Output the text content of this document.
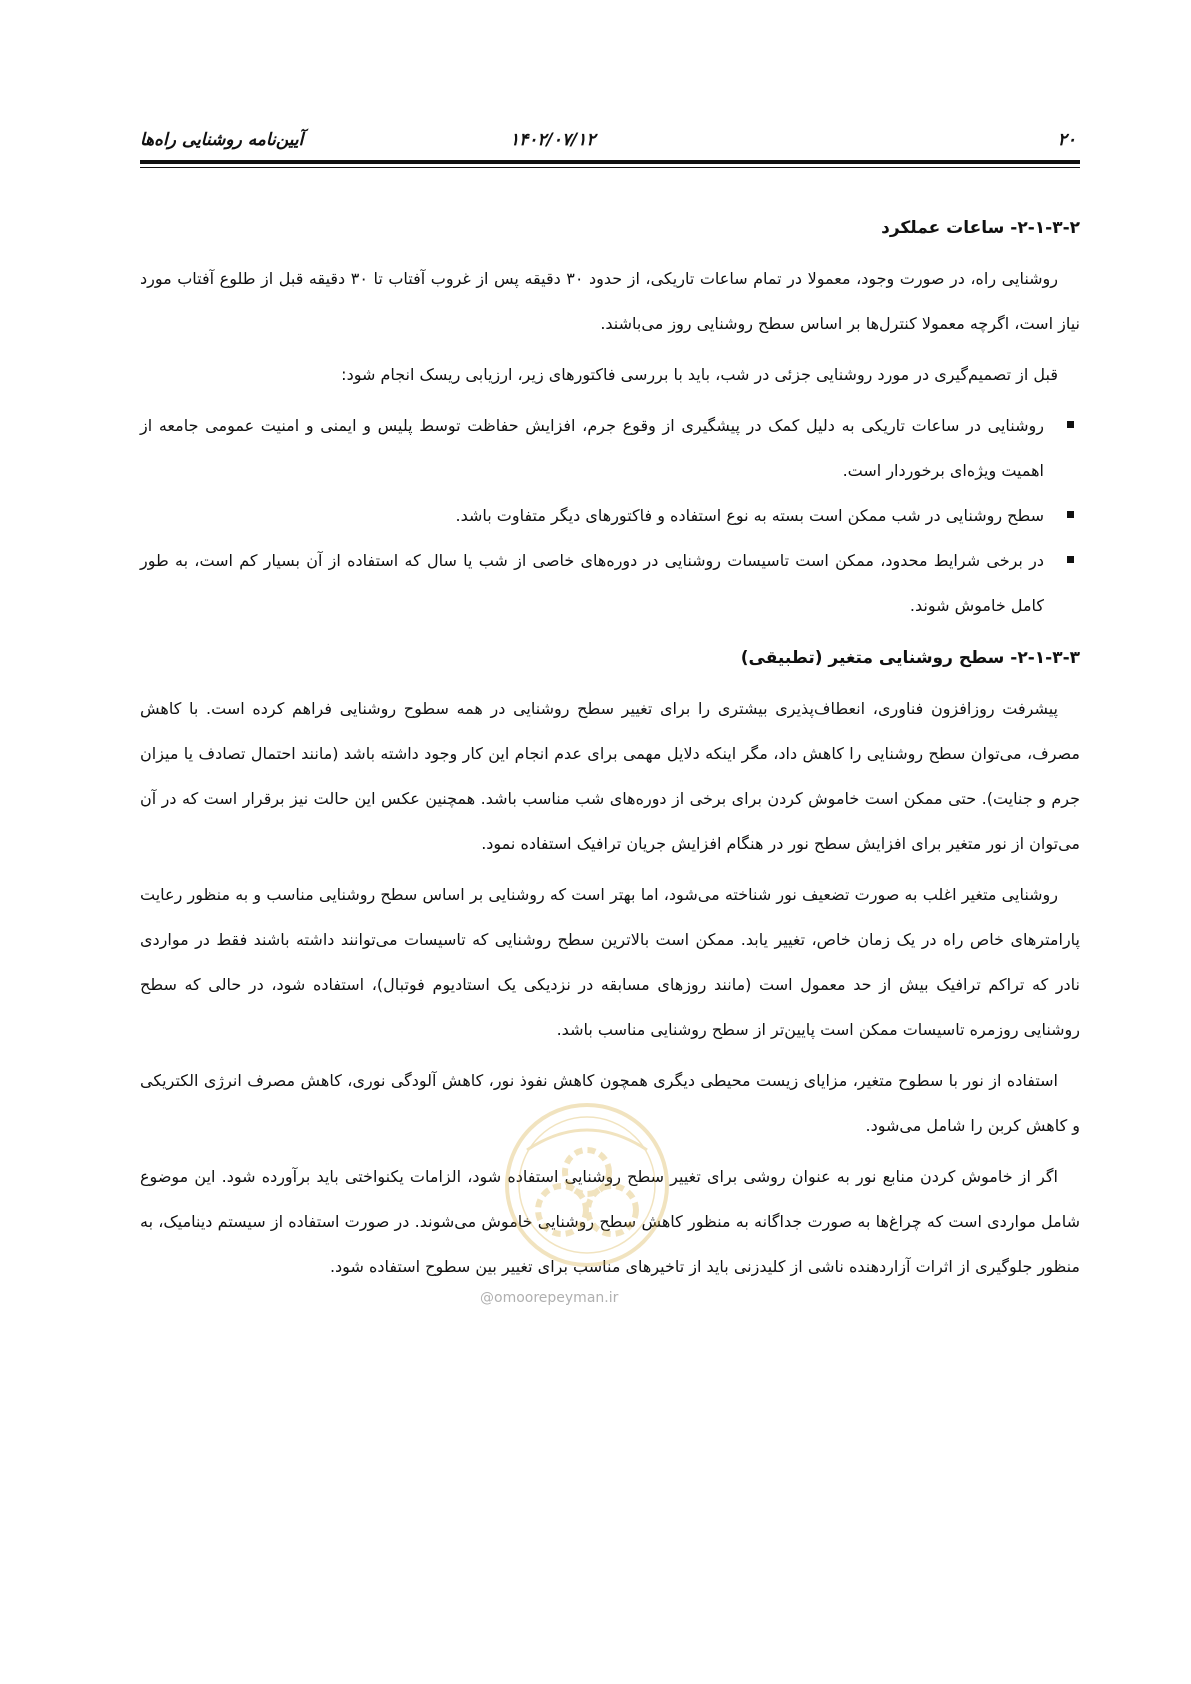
۲۰
۱۴۰۲/۰۷/۱۲
آیین‌نامه روشنایی راه‌ها
۲-۱-۳-۲- ساعات عملکرد

روشنایی راه، در صورت وجود، معمولا در تمام ساعات تاریکی، از حدود ۳۰ دقیقه پس از غروب آفتاب تا ۳۰ دقیقه قبل از طلوع آفتاب مورد نیاز است، اگرچه معمولا کنترل‌ها بر اساس سطح روشنایی روز می‌باشند.

قبل از تصمیم‌گیری در مورد روشنایی جزئی در شب، باید با بررسی فاکتورهای زیر، ارزیابی ریسک انجام شود:

روشنایی در ساعات تاریکی به دلیل کمک در پیشگیری از وقوع جرم، افزایش حفاظت توسط پلیس و ایمنی و امنیت عمومی جامعه از اهمیت ویژه‌ای برخوردار است.
سطح روشنایی در شب ممکن است بسته به نوع استفاده و فاکتورهای دیگر متفاوت باشد.
در برخی شرایط محدود، ممکن است تاسیسات روشنایی در دوره‌های خاصی از شب یا سال که استفاده از آن بسیار کم است، به طور کامل خاموش شوند.
۲-۱-۳-۳- سطح روشنایی متغیر (تطبیقی)

پیشرفت روزافزون فناوری، انعطاف‌پذیری بیشتری را برای تغییر سطح روشنایی در همه سطوح روشنایی فراهم کرده است. با کاهش مصرف، می‌توان سطح روشنایی را کاهش داد، مگر اینکه دلایل مهمی برای عدم انجام این کار وجود داشته باشد (مانند احتمال تصادف یا میزان جرم و جنایت). حتی ممکن است خاموش کردن برای برخی از دوره‌های شب مناسب باشد. همچنین عکس این حالت نیز برقرار است که در آن می‌توان از نور متغیر برای افزایش سطح نور در هنگام افزایش جریان ترافیک استفاده نمود.

روشنایی متغیر اغلب به صورت تضعیف نور شناخته می‌شود، اما بهتر است که روشنایی بر اساس سطح روشنایی مناسب و به منظور رعایت پارامترهای خاص راه در یک زمان خاص، تغییر یابد. ممکن است بالاترین سطح روشنایی که تاسیسات می‌توانند داشته باشند فقط در مواردی نادر که تراکم ترافیک بیش از حد معمول است (مانند روزهای مسابقه در نزدیکی یک استادیوم فوتبال)، استفاده شود، در حالی که سطح روشنایی روزمره تاسیسات ممکن است پایین‌تر از سطح روشنایی مناسب باشد.

استفاده از نور با سطوح متغیر، مزایای زیست محیطی دیگری همچون کاهش نفوذ نور، کاهش آلودگی نوری، کاهش مصرف انرژی الکتریکی و کاهش کربن را شامل می‌شود.

اگر از خاموش کردن منابع نور به عنوان روشی برای تغییر سطح روشنایی استفاده شود، الزامات یکنواختی باید برآورده شود. این موضوع شامل مواردی است که چراغ‌ها به صورت جداگانه به منظور کاهش سطح روشنایی خاموش می‌شوند. در صورت استفاده از سیستم دینامیک، به منظور جلوگیری از اثرات آزاردهنده ناشی از کلیدزنی باید از تاخیرهای مناسب برای تغییر بین سطوح استفاده شود.

@omoorepeyman.ir
